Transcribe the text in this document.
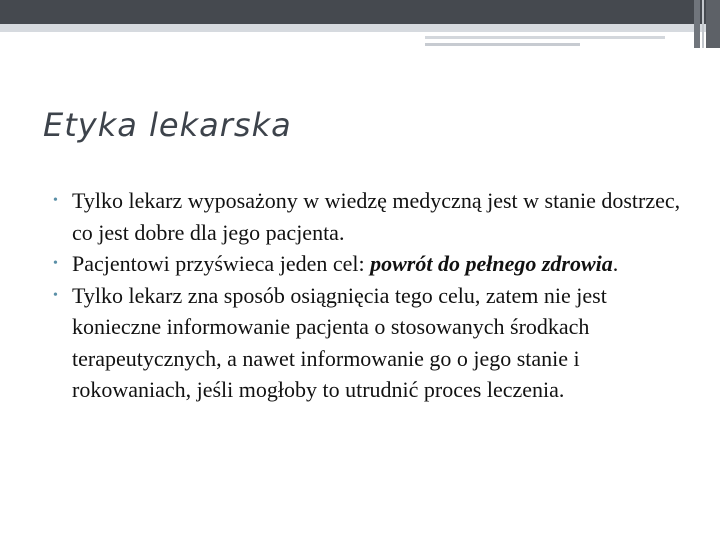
Etyka lekarska
• Tylko lekarz wyposażony w wiedzę medyczną jest w stanie dostrzec, co jest dobre dla jego pacjenta.
• Pacjentowi przyświeca jeden cel: powrót do pełnego zdrowia.
• Tylko lekarz zna sposób osiągnięcia tego celu, zatem nie jest konieczne informowanie pacjenta o stosowanych środkach terapeutycznych, a nawet informowanie go o jego stanie i rokowaniach, jeśli mogłoby to utrudnić proces leczenia.
